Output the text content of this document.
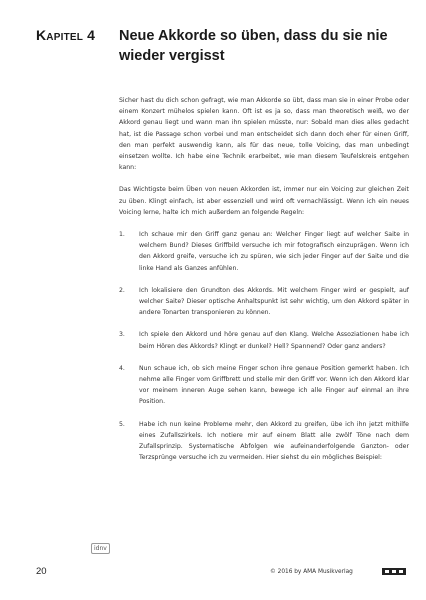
Kapitel 4 Neue Akkorde so üben, dass du sie nie wieder vergisst

Sicher hast du dich schon gefragt, wie man Akkorde so übt, dass man sie in einer Probe oder einem Konzert mühelos spielen kann. Oft ist es ja so, dass man theoretisch weiß, wo der Akkord genau liegt und wann man ihn spielen müsste, nur: Sobald man dies alles gedacht hat, ist die Passage schon vorbei und man entscheidet sich dann doch eher für einen Griff, den man perfekt auswendig kann, als für das neue, tolle Voicing, das man unbedingt einsetzen wollte. Ich habe eine Technik erarbeitet, wie man diesem Teufelskreis entgehen kann:

Das Wichtigste beim Üben von neuen Akkorden ist, immer nur ein Voicing zur gleichen Zeit zu üben. Klingt einfach, ist aber essenziell und wird oft vernachlässigt. Wenn ich ein neues Voicing lerne, halte ich mich außerdem an folgende Regeln:

1.	Ich schaue mir den Griff ganz genau an: Welcher Finger liegt auf welcher Saite in welchem Bund? Dieses Griffbild versuche ich mir fotografisch einzuprägen. Wenn ich den Akkord greife, versuche ich zu spüren, wie sich jeder Finger auf der Saite und die linke Hand als Ganzes anfühlen.
2.	Ich lokalisiere den Grundton des Akkords. Mit welchem Finger wird er gespielt, auf welcher Saite? Dieser optische Anhaltspunkt ist sehr wichtig, um den Akkord später in andere Tonarten transponieren zu können.
3.	Ich spiele den Akkord und höre genau auf den Klang. Welche Assoziationen habe ich beim Hören des Akkords? Klingt er dunkel? Hell? Spannend? Oder ganz anders?
4.	Nun schaue ich, ob sich meine Finger schon ihre genaue Position gemerkt haben. Ich nehme alle Finger vom Griffbrett und stelle mir den Griff vor. Wenn ich den Akkord klar vor meinem inneren Auge sehen kann, bewege ich alle Finger auf einmal an ihre Position.
5.	Habe ich nun keine Probleme mehr, den Akkord zu greifen, übe ich ihn jetzt mithilfe eines Zufallszirkels. Ich notiere mir auf einem Blatt alle zwölf Töne nach dem Zufallsprinzip. Systematische Abfolgen wie aufeinanderfolgende Ganzton- oder Terzsprünge versuche ich zu vermeiden. Hier siehst du ein mögliches Beispiel:
idnv
20	© 2016 by AMA Musikverlag
